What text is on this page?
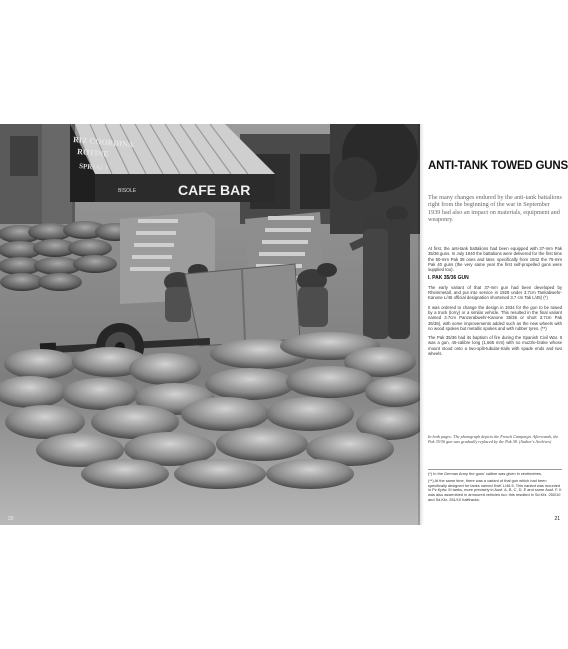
RIZ COORDINA
ROTINE
SPRIACI
BISOLE	CAFE BAR
20
ANTI-TANK TOWED GUNS

The many changes endured by the anti-tank battalions right from the beginning of the war in September 1939 had also an impact on materials, equipment and weaponry.

At first, the anti-tank battalions had been equipped with 37-mm Pak 35/36 guns. In July 1940 the battalions were delivered for the first time the 50-mm Pak 38 ones and later, specifically from 1942 the 75-mm Pak 40 guns (the very same year the first self-propelled guns were supplied too).

I. PAK 35/36 GUN

The early variant of that 37-mm gun had been developed by Rheinmetall, and put into service in 1928 under 3.7cm Tankabwehr-Kanone L/45 official designation shortened 3.7 cm Tak L/45) (*)

It was ordered to change the design in 1934 for the gun to be towed by a truck (lorry) or a similar vehicle. This resulted in the final variant named 3.7cm Panzerabwehr-Kanone 35/36 or short 3.7cm Pak 35/36), with some improvements added such as the new wheels with no wood spokes but metallic spokes and with rubber tyres. (**)

The Pak 35/36 had its baptism of fire during the Spanish Civil War. It was a gun, 45-calibre long (1,665 mm) with no muzzle-brake whose mount stood onto a two-split-tubular-trails with spade ends and two wheels.

In both pages: The photograph depicts the French Campaign. Afterwards, the Pak 35/36 gun was gradually replaced by the Pak 38. (Author's Archives)

(*) In the German Army the guns' calibre was given in centimetres.

(**) At the same time, there was a variant of that gun which had been specifically designed for tanks named KwK L/46.5. This variant was mounted in Pz.Kpfw. III tanks, more precisely in Ausf. A, B, C, D, E and some Ausf. F. It was also assembled in armoured vehicles too: this resulted in Sd.Kfz. 250/10 and Sd.Kfz. 251/10 halftracks.

21
